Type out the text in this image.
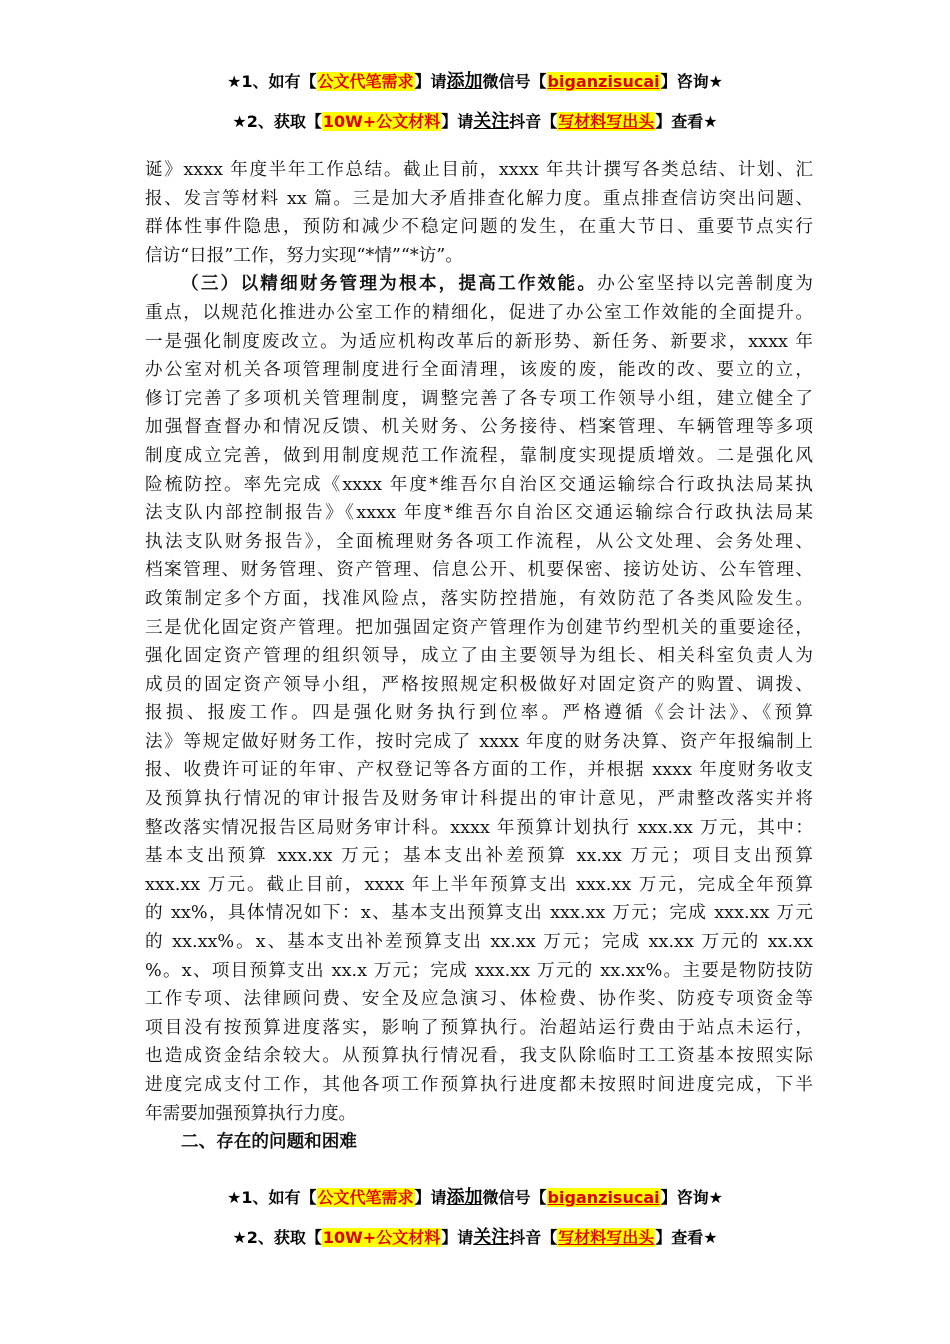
★1、如有【公文代笔需求】请添加微信号【biganzisucai】咨询★
★2、获取【10W+公文材料】请关注抖音【写材料写出头】查看★
诞》xxxx 年度半年工作总结。截止目前，xxxx 年共计撰写各类总结、计划、汇
报、发言等材料 xx 篇。三是加大矛盾排查化解力度。重点排查信访突出问题、
群体性事件隐患，预防和减少不稳定问题的发生，在重大节日、重要节点实行
信访“日报”工作，努力实现“*情”“*访”。
（三）以精细财务管理为根本，提高工作效能。办公室坚持以完善制度为
重点，以规范化推进办公室工作的精细化，促进了办公室工作效能的全面提升。
一是强化制度废改立。为适应机构改革后的新形势、新任务、新要求，xxxx 年
办公室对机关各项管理制度进行全面清理，该废的废，能改的改、要立的立，
修订完善了多项机关管理制度，调整完善了各专项工作领导小组，建立健全了
加强督查督办和情况反馈、机关财务、公务接待、档案管理、车辆管理等多项
制度成立完善，做到用制度规范工作流程，靠制度实现提质增效。二是强化风
险梳防控。率先完成《xxxx 年度*维吾尔自治区交通运输综合行政执法局某执
法支队内部控制报告》《xxxx 年度*维吾尔自治区交通运输综合行政执法局某
执法支队财务报告》，全面梳理财务各项工作流程，从公文处理、会务处理、
档案管理、财务管理、资产管理、信息公开、机要保密、接访处访、公车管理、
政策制定多个方面，找准风险点，落实防控措施，有效防范了各类风险发生。
三是优化固定资产管理。把加强固定资产管理作为创建节约型机关的重要途径，
强化固定资产管理的组织领导，成立了由主要领导为组长、相关科室负责人为
成员的固定资产领导小组，严格按照规定积极做好对固定资产的购置、调拨、
报损、报废工作。四是强化财务执行到位率。严格遵循《会计法》、《预算
法》等规定做好财务工作，按时完成了 xxxx 年度的财务决算、资产年报编制上
报、收费许可证的年审、产权登记等各方面的工作，并根据 xxxx 年度财务收支
及预算执行情况的审计报告及财务审计科提出的审计意见，严肃整改落实并将
整改落实情况报告区局财务审计科。xxxx 年预算计划执行 xxx.xx 万元，其中：
基本支出预算 xxx.xx 万元；基本支出补差预算 xx.xx 万元；项目支出预算
xxx.xx 万元。截止目前，xxxx 年上半年预算支出 xxx.xx 万元，完成全年预算
的 xx%，具体情况如下：x、基本支出预算支出 xxx.xx 万元；完成 xxx.xx 万元
的 xx.xx%。x、基本支出补差预算支出 xx.xx 万元；完成 xx.xx 万元的 xx.xx
%。x、项目预算支出 xx.x 万元；完成 xxx.xx 万元的 xx.xx%。主要是物防技防
工作专项、法律顾问费、安全及应急演习、体检费、协作奖、防疫专项资金等
项目没有按预算进度落实，影响了预算执行。治超站运行费由于站点未运行，
也造成资金结余较大。从预算执行情况看，我支队除临时工工资基本按照实际
进度完成支付工作，其他各项工作预算执行进度都未按照时间进度完成，下半
年需要加强预算执行力度。
二、存在的问题和困难
★1、如有【公文代笔需求】请添加微信号【biganzisucai】咨询★
★2、获取【10W+公文材料】请关注抖音【写材料写出头】查看★
